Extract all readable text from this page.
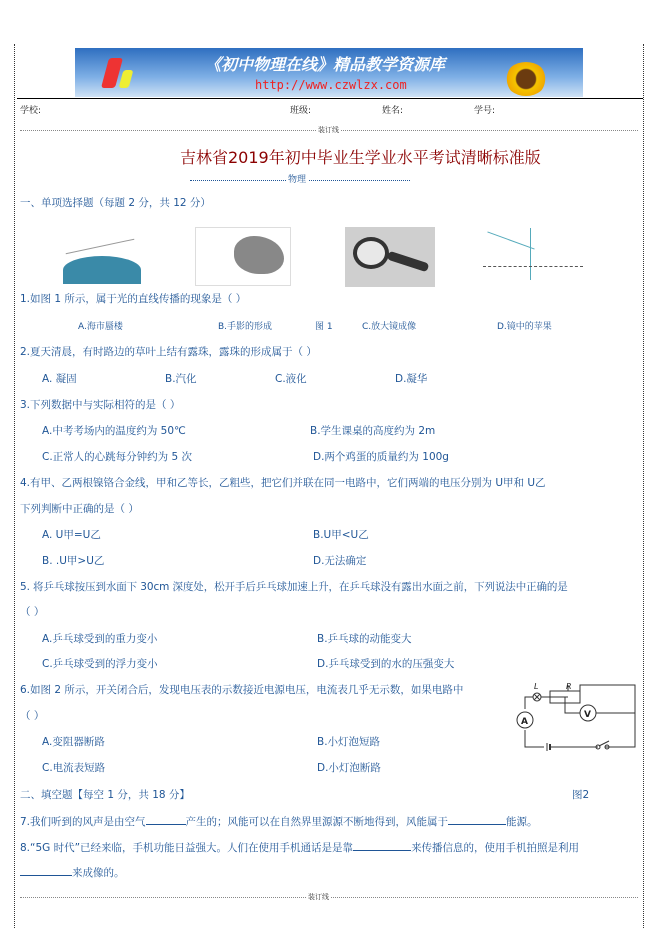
《初中物理在线》精品教学资源库
http://www.czwlzx.com
学校:	班级:	姓名:	学号:
装订线
吉林省2019年初中毕业生学业水平考试清晰标准版
物理
一、单项选择题（每题 2 分，共 12 分）
1.如图 1 所示，属于光的直线传播的现象是（ ）
A.海市蜃楼	B.手影的形成	图 1	C.放大镜成像	D.镜中的苹果
2.夏天清晨，有时路边的草叶上结有露珠，露珠的形成属于（ ）
A. 凝固	B.汽化	C.液化	D.凝华
3.下列数据中与实际相符的是（ ）
A.中考考场内的温度约为 50℃	B.学生课桌的高度约为 2m
C.正常人的心跳每分钟约为 5 次	D.两个鸡蛋的质量约为 100g
4.有甲、乙两根镍铬合金线，甲和乙等长，乙粗些，把它们并联在同一电路中，它们两端的电压分别为 U甲和 U乙
下列判断中正确的是（ ）
A. U甲=U乙	B.U甲<U乙
B. .U甲>U乙	D.无法确定
5. 将乒乓球按压到水面下 30cm 深度处，松开手后乒乓球加速上升，在乒乓球没有露出水面之前，下列说法中正确的是
（ ）
A.乒乓球受到的重力变小	B.乒乓球的动能变大
C.乒乓球受到的浮力变小	D.乒乓球受到的水的压强变大
6.如图 2 所示，开关闭合后，发现电压表的示数接近电源电压，电流表几乎无示数，如果电路中
（ ）
A.变阻器断路	B.小灯泡短路
C.电流表短路	D.小灯泡断路
A
V
L	R
二、填空题【每空 1 分，共 18 分】	图2
7.我们听到的风声是由空气	产生的；风能可以在自然界里源源不断地得到，风能属于	能源。
8.“5G 时代”已经来临，手机功能日益强大。人们在使用手机通话是是靠	来传播信息的，使用手机拍照是利用
来成像的。
装订线
